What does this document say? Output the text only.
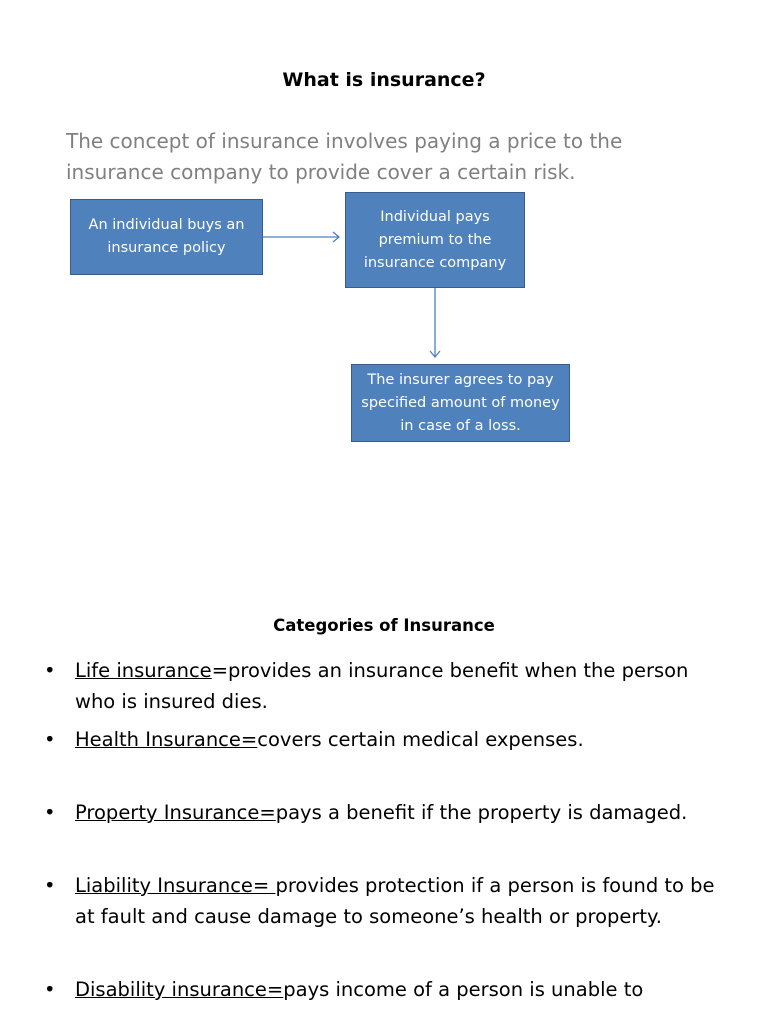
What is insurance?
The concept of insurance involves paying a price to the insurance company to provide cover a certain risk.
An individual buys an insurance policy
Individual pays premium to the insurance company
The insurer agrees to pay specified amount of money in case of a loss.
Categories of Insurance
• Life insurance=provides an insurance benefit when the person who is insured dies.
• Health Insurance=covers certain medical expenses.
• Property Insurance=pays a benefit if the property is damaged.
• Liability Insurance= provides protection if a person is found to be at fault and cause damage to someone’s health or property.
• Disability insurance=pays income of a person is unable to
